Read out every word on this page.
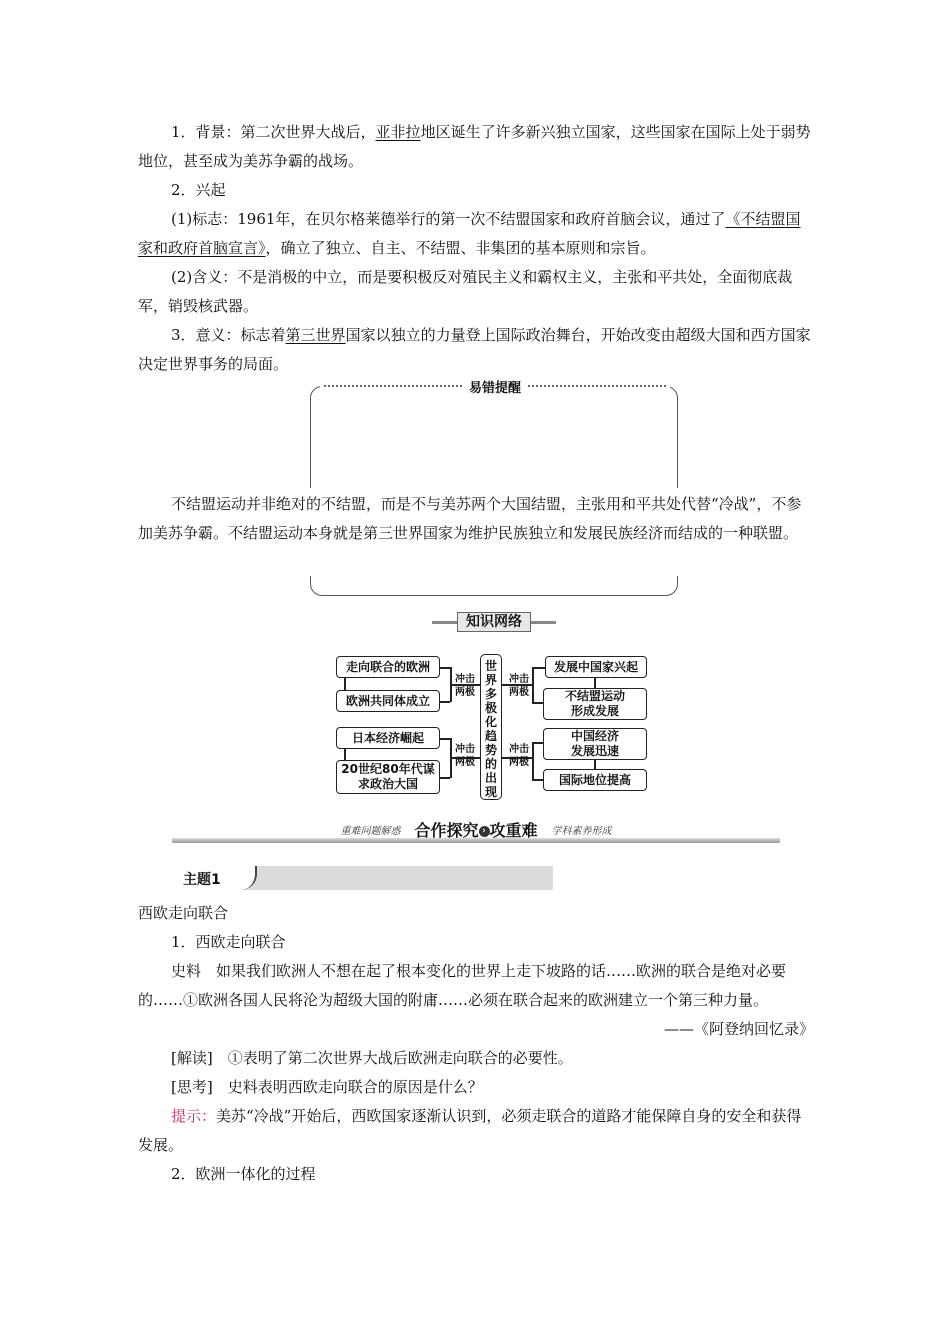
1．背景：第二次世界大战后，亚非拉地区诞生了许多新兴独立国家，这些国家在国际上处于弱势地位，甚至成为美苏争霸的战场。

2．兴起

(1)标志：1961年，在贝尔格莱德举行的第一次不结盟国家和政府首脑会议，通过了《不结盟国家和政府首脑宣言》，确立了独立、自主、不结盟、非集团的基本原则和宗旨。

(2)含义：不是消极的中立，而是要积极反对殖民主义和霸权主义，主张和平共处，全面彻底裁军，销毁核武器。

3．意义：标志着第三世界国家以独立的力量登上国际政治舞台，开始改变由超级大国和西方国家决定世界事务的局面。

易错提醒
不结盟运动并非绝对的不结盟，而是不与美苏两个大国结盟，主张用和平共处代替“冷战”，不参加美苏争霸。不结盟运动本身就是第三世界国家为维护民族独立和发展民族经济而结成的一种联盟。
知识网络
走向联合的欧洲
欧洲共同体成立
日本经济崛起
20世纪80年代谋求政治大国
冲击两极
冲击两极
世界多极化趋势的出现
冲击两极
冲击两极
发展中国家兴起
不结盟运动形成发展
中国经济发展迅速
国际地位提高
重难问题解惑 合作探究 › 攻重难 学科素养形成
主题1

西欧走向联合

1．西欧走向联合

史料　如果我们欧洲人不想在起了根本变化的世界上走下坡路的话……欧洲的联合是绝对必要的……①欧洲各国人民将沦为超级大国的附庸……必须在联合起来的欧洲建立一个第三种力量。

——《阿登纳回忆录》

[解读]　①表明了第二次世界大战后欧洲走向联合的必要性。

[思考]　史料表明西欧走向联合的原因是什么？

提示：美苏“冷战”开始后，西欧国家逐渐认识到，必须走联合的道路才能保障自身的安全和获得发展。

2．欧洲一体化的过程
